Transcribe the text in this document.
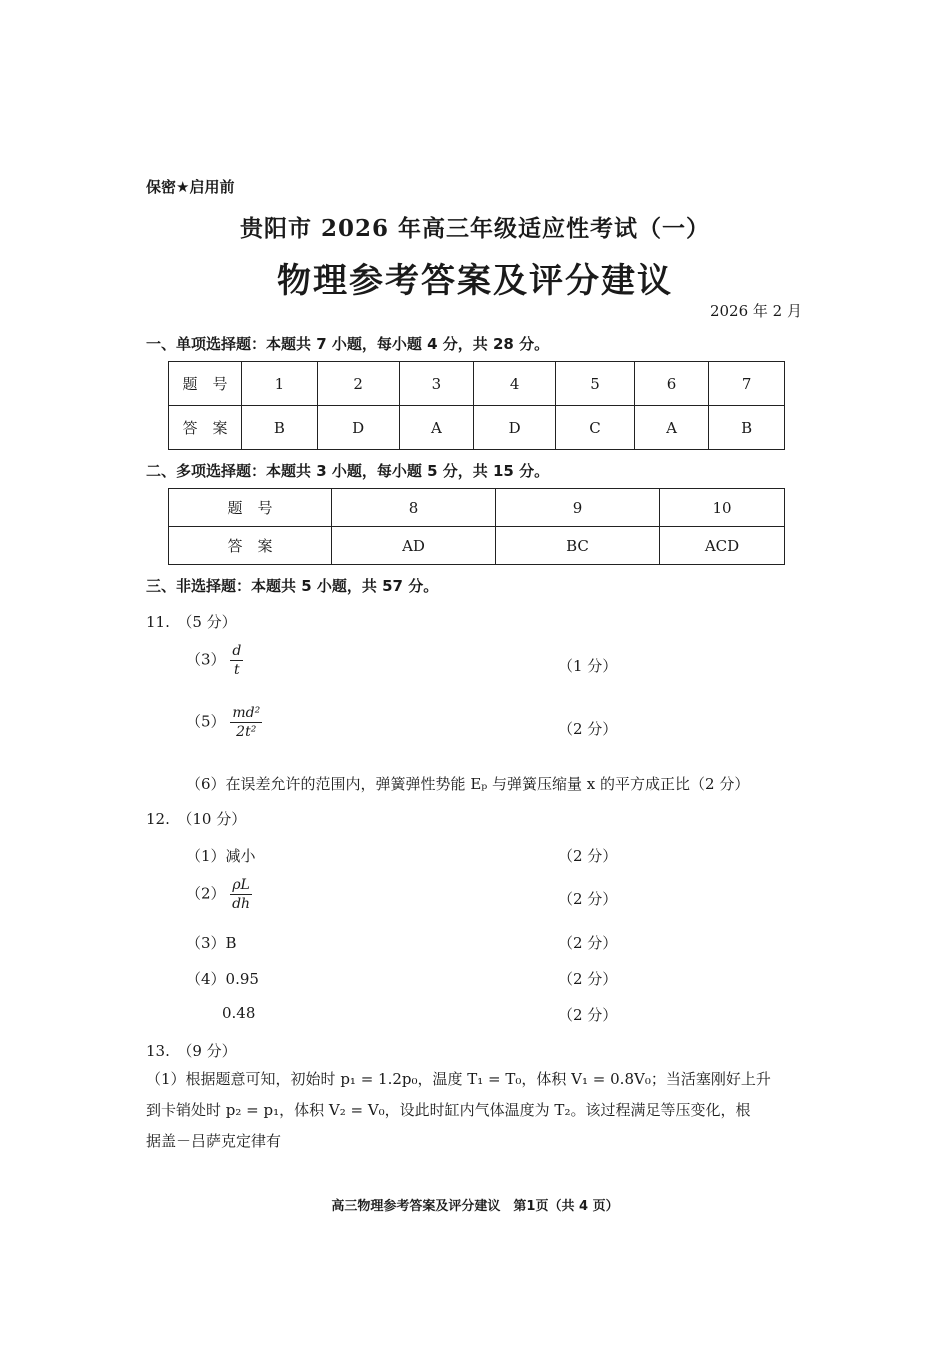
保密★启用前
贵阳市 2026 年高三年级适应性考试（一）
物理参考答案及评分建议
2026 年 2 月
一、单项选择题：本题共 7 小题，每小题 4 分，共 28 分。
题　号	1	2	3	4	5	6	7
答　案	B	D	A	D	C	A	B
二、多项选择题：本题共 3 小题，每小题 5 分，共 15 分。
题　号	8	9	10
答　案	AD	BC	ACD
三、非选择题：本题共 5 小题，共 57 分。
11.　（5 分）
$(3) \frac{d}{t}$	（1 分）
$(5) \frac{\text{md²}}{\text{2t²}}$	（2 分）
（6）在误差允许的范围内，弹簧弹性势能 Eₚ 与弹簧压缩量 x 的平方成正比（2 分）
12.　（10 分）
（1）减小	（2 分）
$(2) \frac{\rho L}{dh}$	（2 分）
（3）B	（2 分）
（4）0.95	（2 分）
0.48	（2 分）
13.　（9 分）
（1）根据题意可知，初始时 p₁ = 1.2p₀，温度 T₁ = T₀，体积 V₁ = 0.8V₀；当活塞刚好上升
到卡销处时 p₂ = p₁，体积 V₂ = V₀，设此时缸内气体温度为 T₂。该过程满足等压变化，根
据盖－吕萨克定律有
高三物理参考答案及评分建议　第1页（共 4 页）
